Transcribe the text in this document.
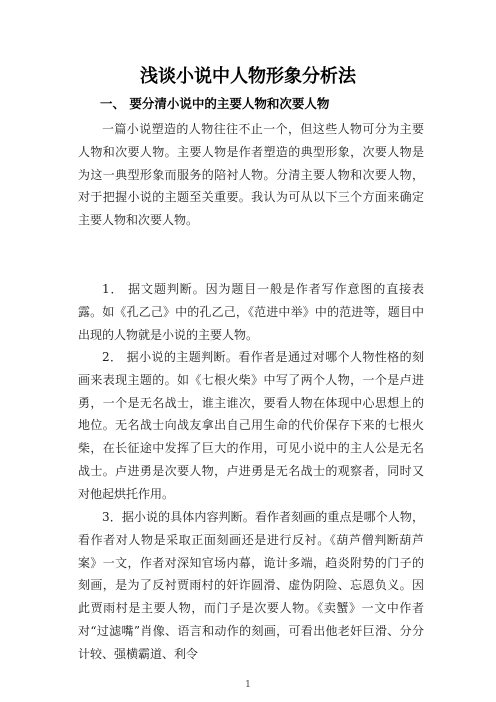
浅谈小说中人物形象分析法
一、 要分清小说中的主要人物和次要人物

一篇小说塑造的人物往往不止一个，但这些人物可分为主要人物和次要人物。主要人物是作者塑造的典型形象，次要人物是为这一典型形象而服务的陪衬人物。分清主要人物和次要人物，对于把握小说的主题至关重要。我认为可从以下三个方面来确定主要人物和次要人物。

1． 据文题判断。因为题目一般是作者写作意图的直接表露。如《孔乙己》中的孔乙己，《范进中举》中的范进等，题目中出现的人物就是小说的主要人物。

2． 据小说的主题判断。看作者是通过对哪个人物性格的刻画来表现主题的。如《七根火柴》中写了两个人物，一个是卢进勇，一个是无名战士，谁主谁次，要看人物在体现中心思想上的地位。无名战士向战友拿出自己用生命的代价保存下来的七根火柴，在长征途中发挥了巨大的作用，可见小说中的主人公是无名战士。卢进勇是次要人物，卢进勇是无名战士的观察者，同时又对他起烘托作用。

3．据小说的具体内容判断。看作者刻画的重点是哪个人物，看作者对人物是采取正面刻画还是进行反衬。《葫芦僧判断葫芦案》一文，作者对深知官场内幕，诡计多端，趋炎附势的门子的刻画，是为了反衬贾雨村的奸诈圆滑、虚伪阴险、忘恩负义。因此贾雨村是主要人物，而门子是次要人物。《卖蟹》一文中作者对“过滤嘴”肖像、语言和动作的刻画，可看出他老奸巨滑、分分计较、强横霸道、利令

1
